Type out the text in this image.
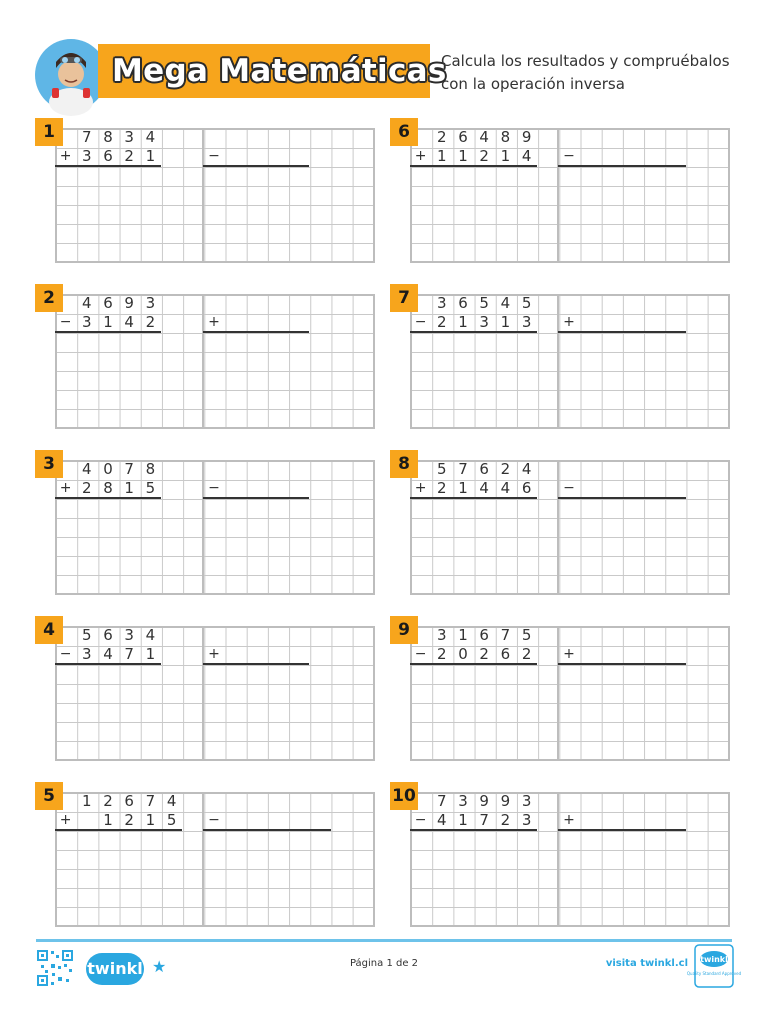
Mega Matemáticas
Calcula los resultados y compruébalos
con la operación inversa
1
+
7 8 3 4
3 6 2 1	−
2
−
4 6 9 3
3 1 4 2	+
3
+
4 0 7 8
2 8 1 5	−
4
−
5 6 3 4
3 4 7 1	+
5
+
1 2 6 7 4
1 2 1 5	−
6
+
2 6 4 8 9
1 1 2 1 4	−
7
−
3 6 5 4 5
2 1 3 1 3	+
8
+
5 7 6 2 4
2 1 4 4 6	−
9
−
3 1 6 7 5
2 0 2 6 2	+
10
−
7 3 9 9 3
4 1 7 2 3	+
twinkl ★	Página 1 de 2	visita twinkl.cl twinkl
Quality Standard Approved
